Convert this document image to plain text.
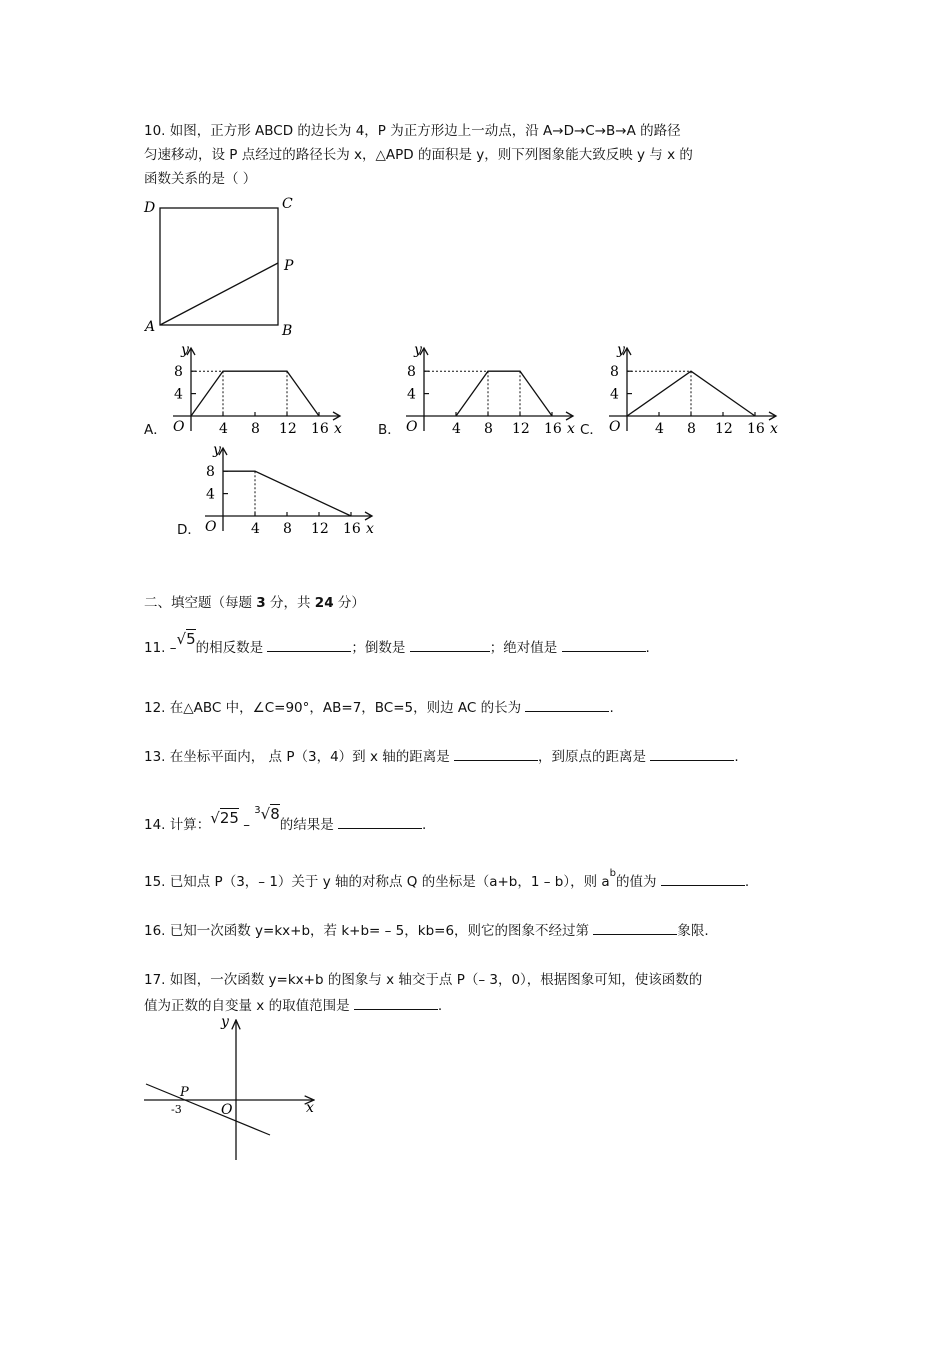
10. 如图，正方形 ABCD 的边长为 4，P 为正方形边上一动点，沿 A→D→C→B→A 的路径
匀速移动，设 P 点经过的路径长为 x，△APD 的面积是 y，则下列图象能大致反映 y 与 x 的
函数关系的是（ ）
D	C
P
A	B
A．	B．	C．
D．
8
4
4 8 12 16
y
x
O
8
4
4 8 12 16
y
x
O
8
4
4 8 12 16
y
x
O
8
4
4 8 12 16
y
x
O
二、填空题（每题 3 分，共 24 分）
11. –√5的相反数是	；倒数是	；绝对值是	.
12. 在△ABC 中，∠C=90°，AB=7，BC=5，则边 AC 的长为	.
13. 在坐标平面内， 点 P（3，4）到 x 轴的距离是	，到原点的距离是	.
14. 计算：√25 – $^3$√8的结果是	.
15. 已知点 P（3，– 1）关于 y 轴的对称点 Q 的坐标是（a+b，1 – b），则 $a^b$的值为	.
16. 已知一次函数 y=kx+b，若 k+b= – 5，kb=6，则它的图象不经过第	象限.
17. 如图，一次函数 y=kx+b 的图象与 x 轴交于点 P（– 3，0），根据图象可知，使该函数的
值为正数的自变量 x 的取值范围是	.
y
x
O
P
-3
